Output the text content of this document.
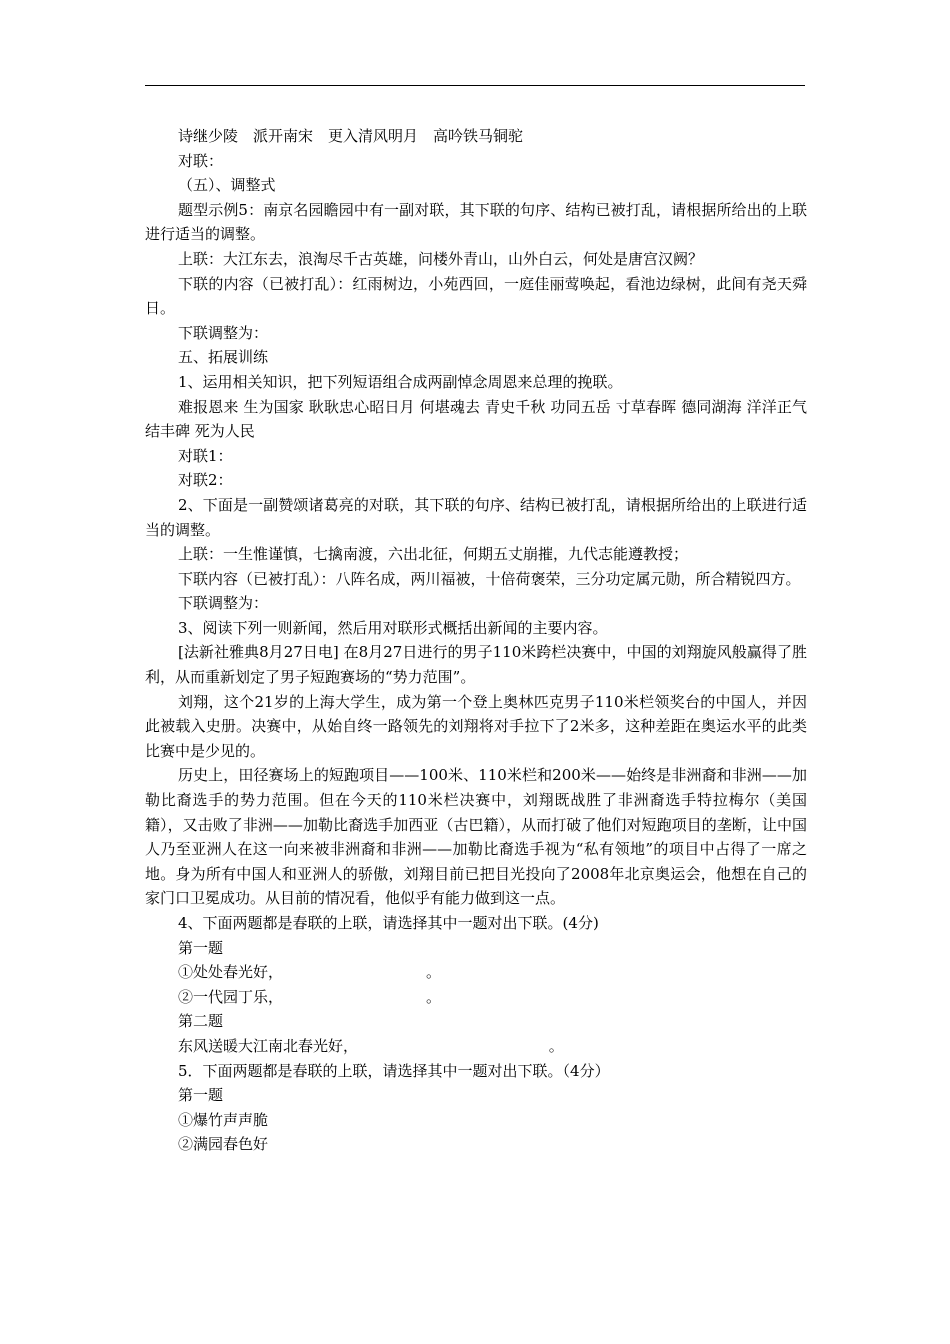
诗继少陵　派开南宋　更入清风明月　高吟铁马铜驼

对联：

（五）、调整式

题型示例5：南京名园瞻园中有一副对联，其下联的句序、结构已被打乱，请根据所给出的上联进行适当的调整。

上联：大江东去，浪淘尽千古英雄，问楼外青山，山外白云，何处是唐宫汉阙？

下联的内容（已被打乱）：红雨树边，小苑西回，一庭佳丽莺唤起，看池边绿树，此间有尧天舜日。

下联调整为：

五、拓展训练

1、运用相关知识，把下列短语组合成两副悼念周恩来总理的挽联。

难报恩来 生为国家 耿耿忠心昭日月 何堪魂去 青史千秋 功同五岳 寸草春晖 德同湖海 洋洋正气结丰碑 死为人民

对联1：

对联2：

2、下面是一副赞颂诸葛亮的对联，其下联的句序、结构已被打乱，请根据所给出的上联进行适当的调整。

上联：一生惟谨慎，七擒南渡，六出北征，何期五丈崩摧，九代志能遵教授；

下联内容（已被打乱）：八阵名成，两川福被，十倍荷褒荣，三分功定属元勋，所合精锐四方。

下联调整为：

3、阅读下列一则新闻，然后用对联形式概括出新闻的主要内容。

[法新社雅典8月27日电] 在8月27日进行的男子110米跨栏决赛中，中国的刘翔旋风般赢得了胜利，从而重新划定了男子短跑赛场的“势力范围”。

刘翔，这个21岁的上海大学生，成为第一个登上奥林匹克男子110米栏领奖台的中国人，并因此被载入史册。决赛中，从始自终一路领先的刘翔将对手拉下了2米多，这种差距在奥运水平的此类比赛中是少见的。

历史上，田径赛场上的短跑项目——100米、110米栏和200米——始终是非洲裔和非洲——加勒比裔选手的势力范围。但在今天的110米栏决赛中，刘翔既战胜了非洲裔选手特拉梅尔（美国籍），又击败了非洲——加勒比裔选手加西亚（古巴籍），从而打破了他们对短跑项目的垄断，让中国人乃至亚洲人在这一向来被非洲裔和非洲——加勒比裔选手视为“私有领地”的项目中占得了一席之地。身为所有中国人和亚洲人的骄傲，刘翔目前已把目光投向了2008年北京奥运会，他想在自己的家门口卫冕成功。从目前的情况看，他似乎有能力做到这一点。

4、下面两题都是春联的上联，请选择其中一题对出下联。(4分)

第一题

①处处春光好，                              。

②一代园丁乐，                              。

第二题

东风送暖大江南北春光好，                                        。

5．下面两题都是春联的上联，请选择其中一题对出下联。（4分）

第一题

①爆竹声声脆

②满园春色好
